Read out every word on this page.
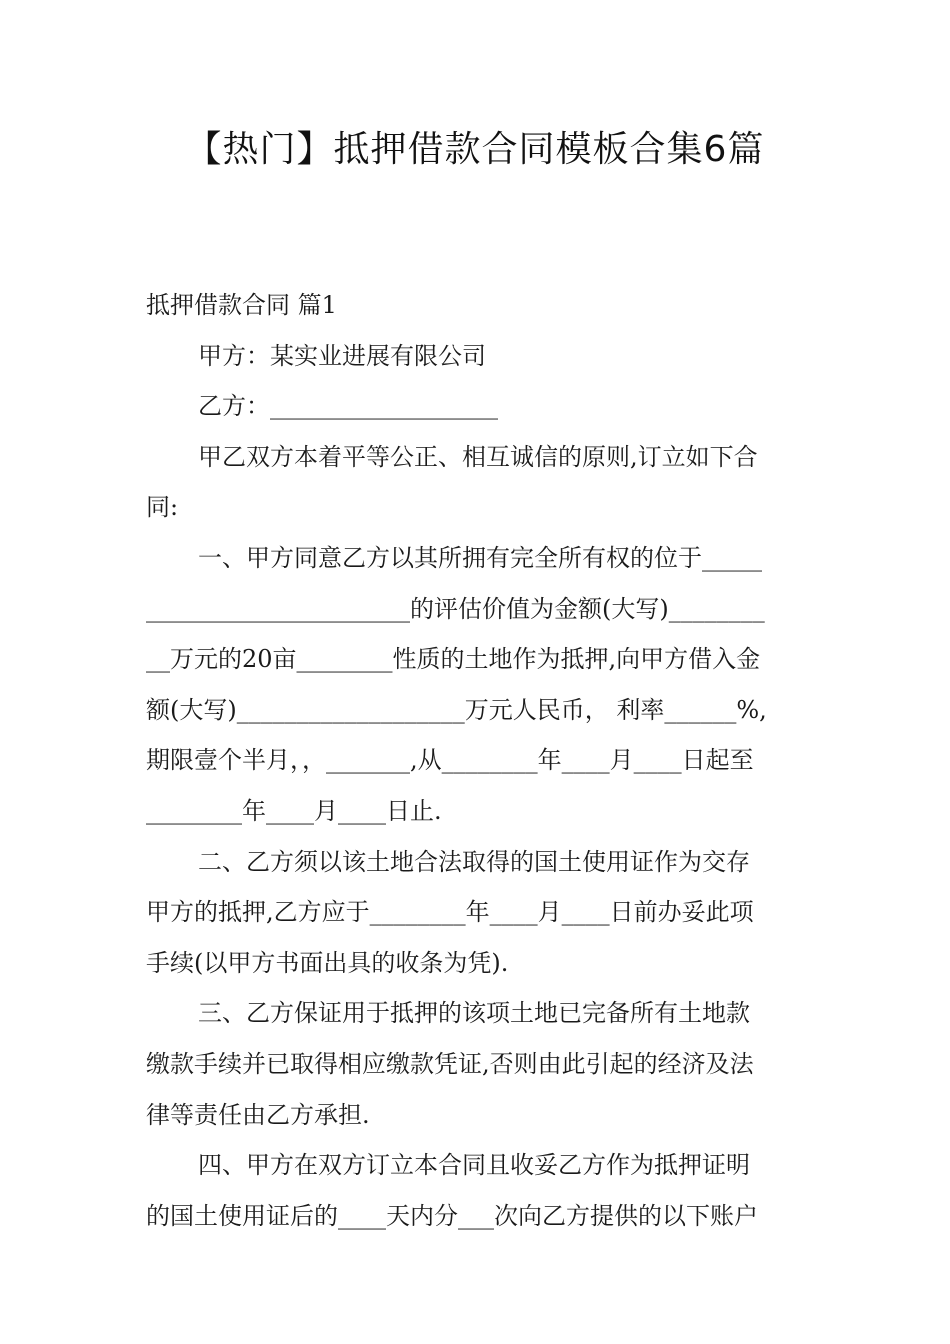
【热门】抵押借款合同模板合集6篇
抵押借款合同 篇1
甲方：某实业进展有限公司
乙方：___________________
甲乙双方本着平等公正、相互诚信的原则,订立如下合
同:
一、甲方同意乙方以其所拥有完全所有权的位于_____
______________________的评估价值为金额(大写)________
__万元的20亩________性质的土地作为抵押,向甲方借入金
额(大写)___________________万元人民币， 利率______%,
期限壹个半月，，_______,从________年____月____日起至
________年____月____日止.
二、乙方须以该土地合法取得的国土使用证作为交存
甲方的抵押,乙方应于________年____月____日前办妥此项
手续(以甲方书面出具的收条为凭).
三、乙方保证用于抵押的该项土地已完备所有土地款
缴款手续并已取得相应缴款凭证,否则由此引起的经济及法
律等责任由乙方承担.
四、甲方在双方订立本合同且收妥乙方作为抵押证明
的国土使用证后的____天内分___次向乙方提供的以下账户
